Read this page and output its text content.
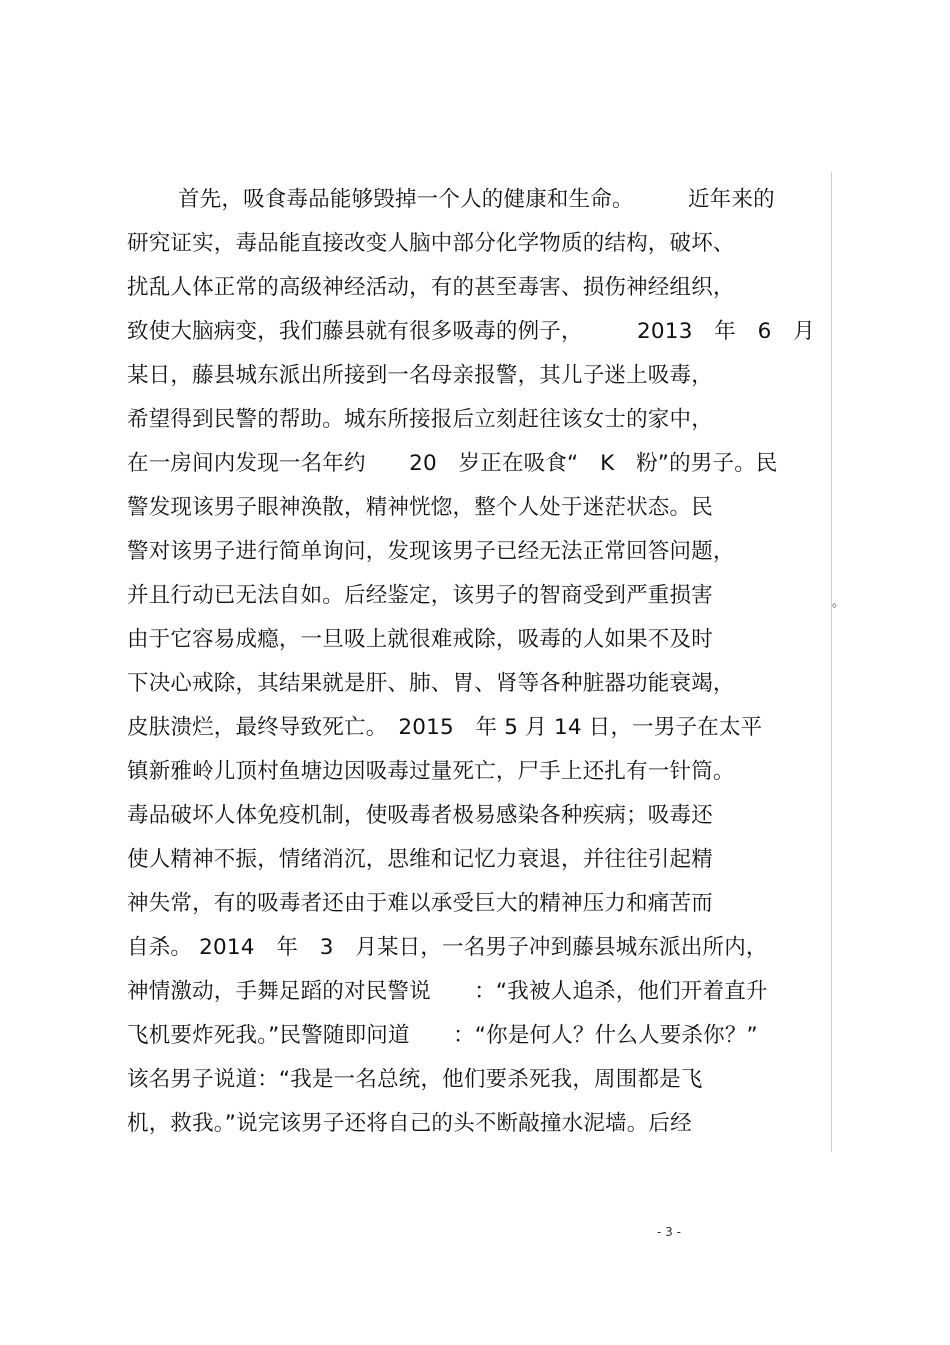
首先，吸食毒品能够毁掉一个人的健康和生命。　　　近年来的
研究证实，毒品能直接改变人脑中部分化学物质的结构，破坏、
扰乱人体正常的高级神经活动，有的甚至毒害、损伤神经组织，
致使大脑病变，我们藤县就有很多吸毒的例子，　　　2013　年　6　月
某日，藤县城东派出所接到一名母亲报警，其儿子迷上吸毒，
希望得到民警的帮助。城东所接报后立刻赶往该女士的家中，
在一房间内发现一名年约　　20　岁正在吸食“　K　粉”的男子。民
警发现该男子眼神涣散，精神恍惚，整个人处于迷茫状态。民
警对该男子进行简单询问，发现该男子已经无法正常回答问题，
并且行动已无法自如。后经鉴定，该男子的智商受到严重损害
由于它容易成瘾，一旦吸上就很难戒除，吸毒的人如果不及时
下决心戒除，其结果就是肝、肺、胃、肾等各种脏器功能衰竭，
皮肤溃烂，最终导致死亡。　2015　年 5 月 14 日，一男子在太平
镇新雅岭儿顶村鱼塘边因吸毒过量死亡，尸手上还扎有一针筒。
毒品破坏人体免疫机制，使吸毒者极易感染各种疾病；吸毒还
使人精神不振，情绪消沉，思维和记忆力衰退，并往往引起精
神失常，有的吸毒者还由于难以承受巨大的精神压力和痛苦而
自杀。 2014　年　3　月某日，一名男子冲到藤县城东派出所内，
神情激动，手舞足蹈的对民警说　　：“我被人追杀，他们开着直升
飞机要炸死我。”民警随即问道　　：“你是何人？什么人要杀你？”
该名男子说道：“我是一名总统，他们要杀死我，周围都是飞
机，救我。”说完该男子还将自己的头不断敲撞水泥墙。后经
。
- 3 -
